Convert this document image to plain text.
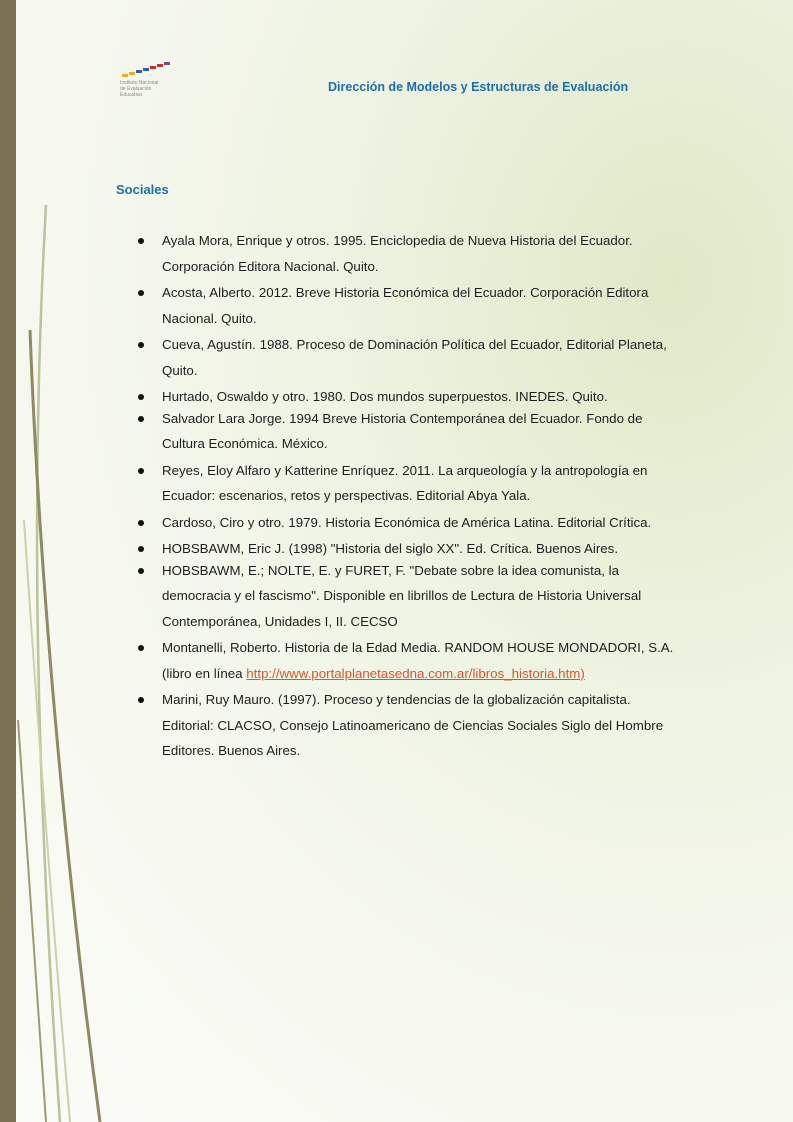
Instituto Nacional
de Evaluación
Educativa
Dirección de Modelos y Estructuras de Evaluación
Sociales
Ayala Mora, Enrique y otros. 1995. Enciclopedia de Nueva Historia del Ecuador. Corporación Editora Nacional. Quito.
Acosta, Alberto. 2012. Breve Historia Económica del Ecuador. Corporación Editora Nacional. Quito.
Cueva, Agustín. 1988. Proceso de Dominación Política del Ecuador, Editorial Planeta, Quito.
Hurtado, Oswaldo y otro. 1980. Dos mundos superpuestos. INEDES. Quito.
Salvador Lara Jorge. 1994 Breve Historia Contemporánea del Ecuador. Fondo de Cultura Económica. México.
Reyes, Eloy Alfaro y Katterine Enríquez. 2011. La arqueología y la antropología en Ecuador: escenarios, retos y perspectivas. Editorial Abya Yala.
Cardoso, Ciro y otro. 1979. Historia Económica de América Latina. Editorial Crítica.
HOBSBAWM, Eric J. (1998) "Historia del siglo XX". Ed. Crítica. Buenos Aires.
HOBSBAWM, E.; NOLTE, E. y FURET, F. "Debate sobre la idea comunista, la democracia y el fascismo". Disponible en librillos de Lectura de Historia Universal Contemporánea, Unidades I, II. CECSO
Montanelli, Roberto. Historia de la Edad Media. RANDOM HOUSE MONDADORI, S.A. (libro en línea http://www.portalplanetasedna.com.ar/libros_historia.htm)
Marini, Ruy Mauro. (1997). Proceso y tendencias de la globalización capitalista. Editorial: CLACSO, Consejo Latinoamericano de Ciencias Sociales Siglo del Hombre Editores. Buenos Aires.
